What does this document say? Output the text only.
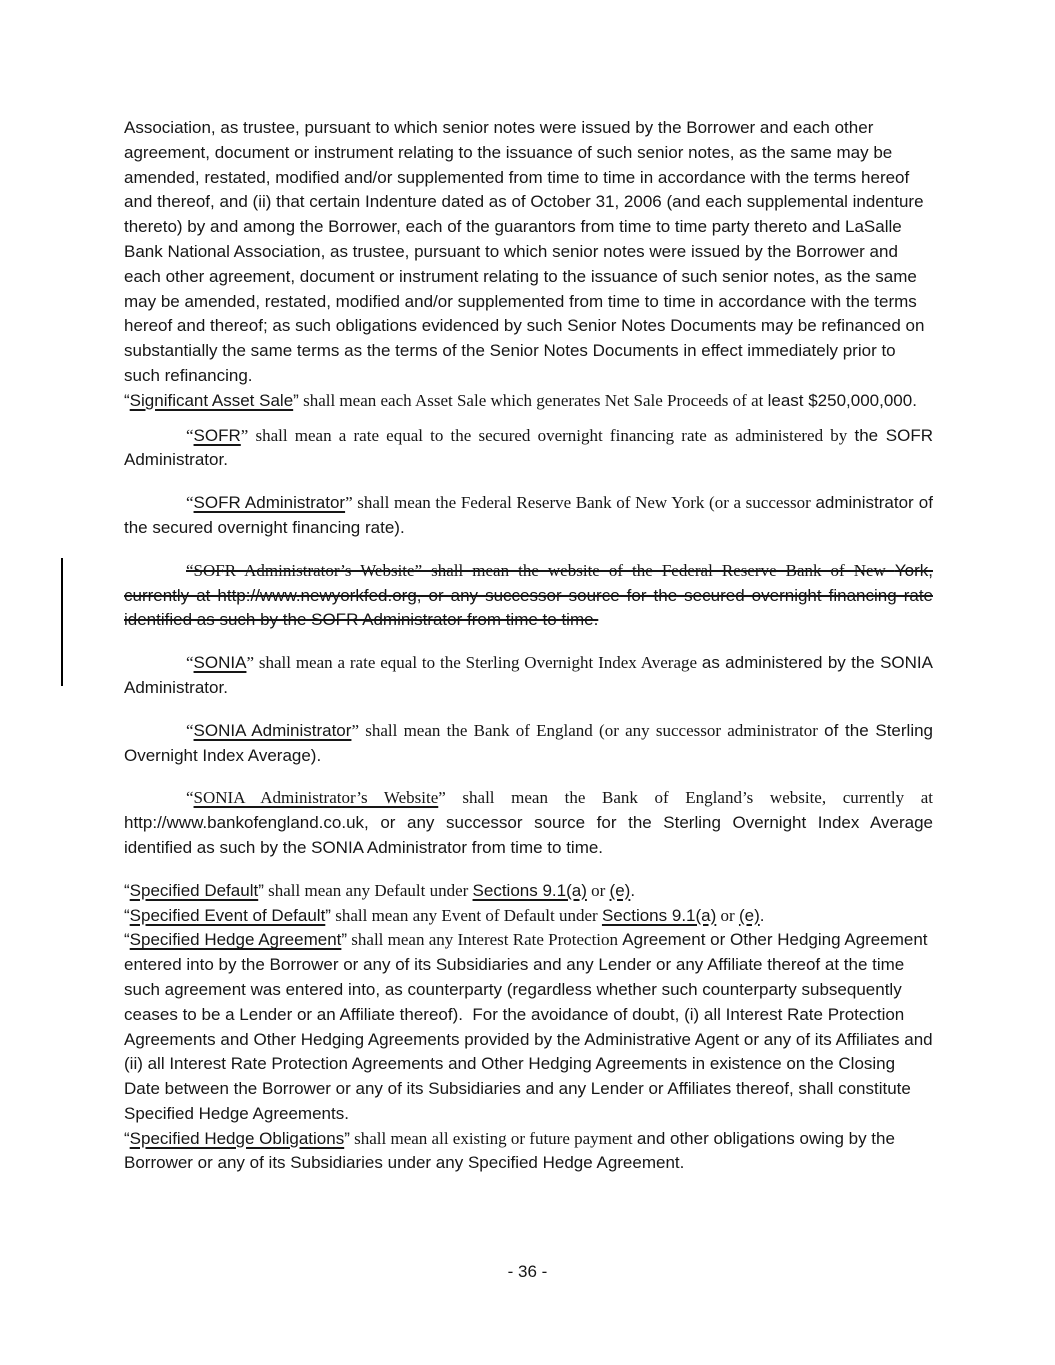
Association, as trustee, pursuant to which senior notes were issued by the Borrower and each other agreement, document or instrument relating to the issuance of such senior notes, as the same may be amended, restated, modified and/or supplemented from time to time in accordance with the terms hereof and thereof, and (ii) that certain Indenture dated as of October 31, 2006 (and each supplemental indenture thereto) by and among the Borrower, each of the guarantors from time to time party thereto and LaSalle Bank National Association, as trustee, pursuant to which senior notes were issued by the Borrower and each other agreement, document or instrument relating to the issuance of such senior notes, as the same may be amended, restated, modified and/or supplemented from time to time in accordance with the terms hereof and thereof; as such obligations evidenced by such Senior Notes Documents may be refinanced on substantially the same terms as the terms of the Senior Notes Documents in effect immediately prior to such refinancing.
“Significant Asset Sale” shall mean each Asset Sale which generates Net Sale Proceeds of at least $250,000,000.
“SOFR” shall mean a rate equal to the secured overnight financing rate as administered by the SOFR Administrator.
“SOFR Administrator” shall mean the Federal Reserve Bank of New York (or a successor administrator of the secured overnight financing rate).
“SOFR Administrator’s Website” shall mean the website of the Federal Reserve Bank of New York, currently at http://www.newyorkfed.org, or any successor source for the secured overnight financing rate identified as such by the SOFR Administrator from time to time.
“SONIA” shall mean a rate equal to the Sterling Overnight Index Average as administered by the SONIA Administrator.
“SONIA Administrator” shall mean the Bank of England (or any successor administrator of the Sterling Overnight Index Average).
“SONIA Administrator’s Website” shall mean the Bank of England’s website, currently at http://www.bankofengland.co.uk, or any successor source for the Sterling Overnight Index Average identified as such by the SONIA Administrator from time to time.
“Specified Default” shall mean any Default under Sections 9.1(a) or (e).
“Specified Event of Default” shall mean any Event of Default under Sections 9.1(a) or (e).
“Specified Hedge Agreement” shall mean any Interest Rate Protection Agreement or Other Hedging Agreement entered into by the Borrower or any of its Subsidiaries and any Lender or any Affiliate thereof at the time such agreement was entered into, as counterparty (regardless whether such counterparty subsequently ceases to be a Lender or an Affiliate thereof).  For the avoidance of doubt, (i) all Interest Rate Protection Agreements and Other Hedging Agreements provided by the Administrative Agent or any of its Affiliates and (ii) all Interest Rate Protection Agreements and Other Hedging Agreements in existence on the Closing Date between the Borrower or any of its Subsidiaries and any Lender or Affiliates thereof, shall constitute Specified Hedge Agreements.
“Specified Hedge Obligations” shall mean all existing or future payment and other obligations owing by the Borrower or any of its Subsidiaries under any Specified Hedge Agreement.
- 36 -
